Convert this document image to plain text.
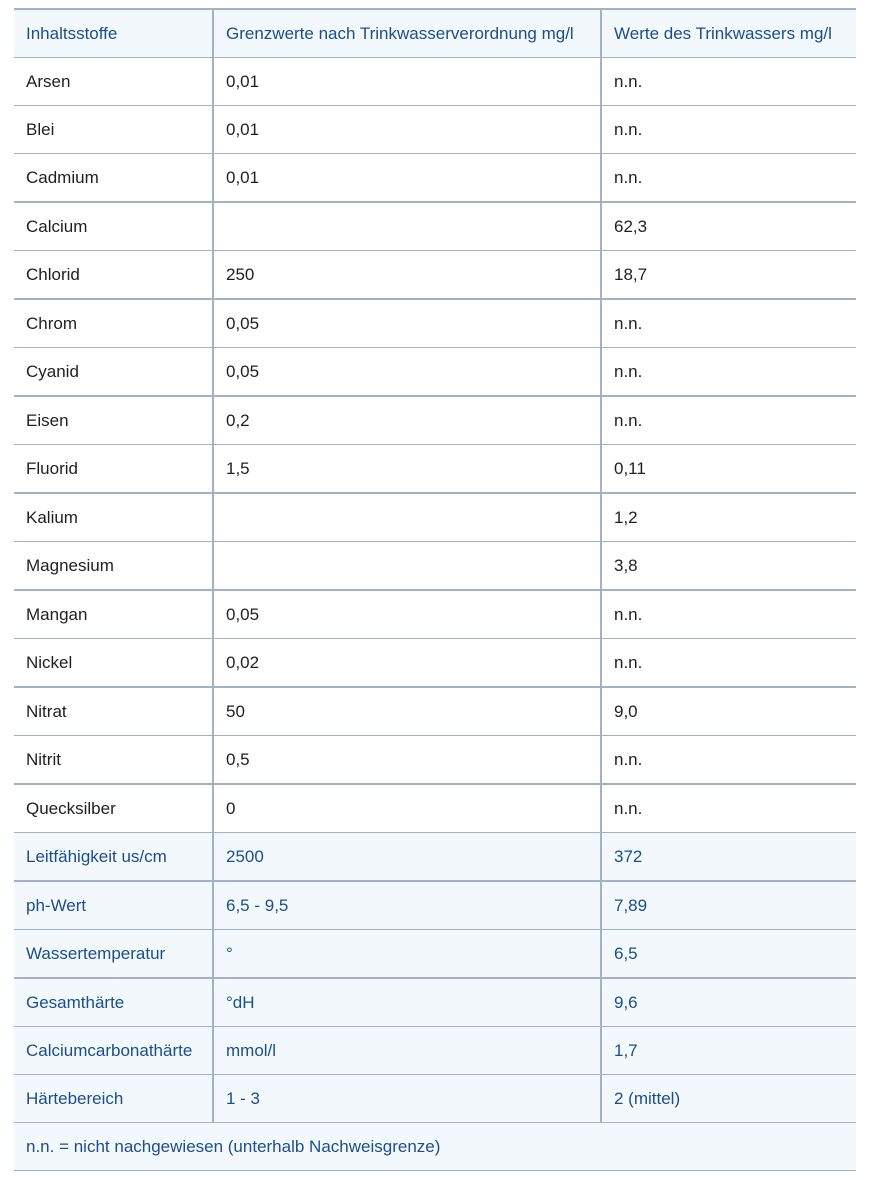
Inhaltsstoffe	Grenzwerte nach Trinkwasserverordnung mg/l	Werte des Trinkwassers mg/l
Arsen	0,01	n.n.
Blei	0,01	n.n.
Cadmium	0,01	n.n.
Calcium		62,3
Chlorid	250	18,7
Chrom	0,05	n.n.
Cyanid	0,05	n.n.
Eisen	0,2	n.n.
Fluorid	1,5	0,11
Kalium		1,2
Magnesium		3,8
Mangan	0,05	n.n.
Nickel	0,02	n.n.
Nitrat	50	9,0
Nitrit	0,5	n.n.
Quecksilber	0	n.n.
Leitfähigkeit us/cm	2500	372
ph-Wert	6,5 - 9,5	7,89
Wassertemperatur	°	6,5
Gesamthärte	°dH	9,6
Calciumcarbonathärte	mmol/l	1,7
Härtebereich	1 - 3	2 (mittel)
n.n. = nicht nachgewiesen (unterhalb Nachweisgrenze)		
